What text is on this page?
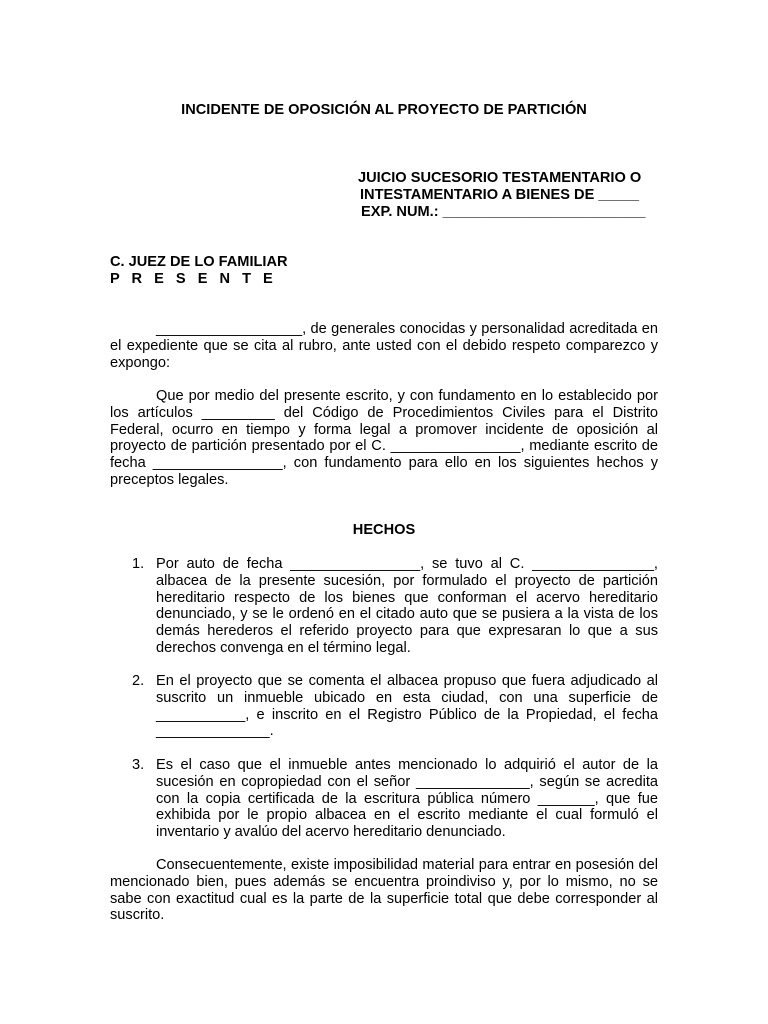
INCIDENTE DE OPOSICIÓN AL PROYECTO DE PARTICIÓN
JUICIO SUCESORIO TESTAMENTARIO O
INTESTAMENTARIO A BIENES DE _____
EXP. NUM.: _________________________
C. JUEZ DE LO FAMILIAR
P R E S E N T E

__________________, de generales conocidas y personalidad acreditada en el expediente que se cita al rubro, ante usted con el debido respeto comparezco y expongo:

Que por medio del presente escrito, y con fundamento en lo establecido por los artículos _________ del Código de Procedimientos Civiles para el Distrito Federal, ocurro en tiempo y forma legal a promover incidente de oposición al proyecto de partición presentado por el C. ________________, mediante escrito de fecha ________________, con fundamento para ello en los siguientes hechos y preceptos legales.

HECHOS
1. Por auto de fecha ________________, se tuvo al C. _______________, albacea de la presente sucesión, por formulado el proyecto de partición hereditario respecto de los bienes que conforman el acervo hereditario denunciado, y se le ordenó en el citado auto que se pusiera a la vista de los demás herederos el referido proyecto para que expresaran lo que a sus derechos convenga en el término legal.
2. En el proyecto que se comenta el albacea propuso que fuera adjudicado al suscrito un inmueble ubicado en esta ciudad, con una superficie de ___________, e inscrito en el Registro Público de la Propiedad, el fecha ______________.
3. Es el caso que el inmueble antes mencionado lo adquirió el autor de la sucesión en copropiedad con el señor ______________, según se acredita con la copia certificada de la escritura pública número _______, que fue exhibida por le propio albacea en el escrito mediante el cual formuló el inventario y avalúo del acervo hereditario denunciado.

Consecuentemente, existe imposibilidad material para entrar en posesión del mencionado bien, pues además se encuentra proindiviso y, por lo mismo, no se sabe con exactitud cual es la parte de la superficie total que debe corresponder al suscrito.
